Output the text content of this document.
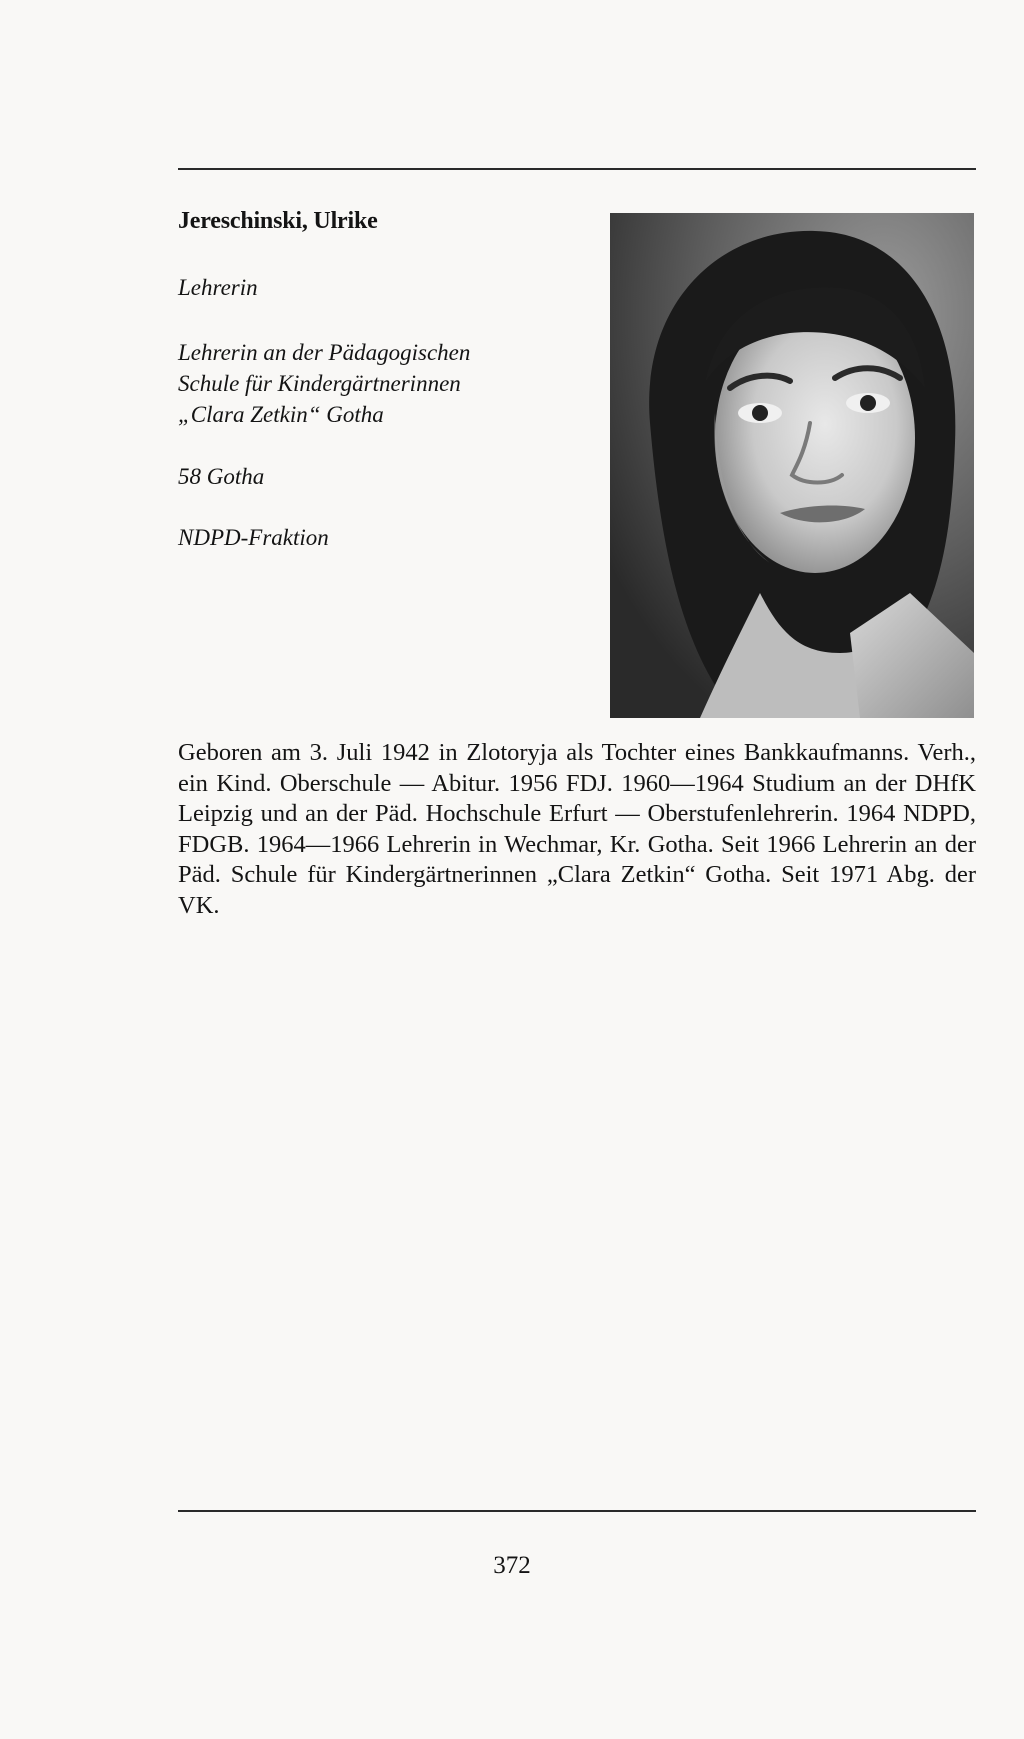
Jereschinski, Ulrike
Lehrerin
Lehrerin an der Pädagogischen
Schule für Kindergärtnerinnen
„Clara Zetkin“ Gotha
58 Gotha
NDPD-Fraktion
Geboren am 3. Juli 1942 in Zlotoryja als Tochter eines Bankkaufmanns. Verh., ein Kind. Oberschule — Abitur. 1956 FDJ. 1960—1964 Studium an der DHfK Leipzig und an der Päd. Hochschule Erfurt — Oberstufenlehrerin. 1964 NDPD, FDGB. 1964—1966 Lehrerin in Wechmar, Kr. Gotha. Seit 1966 Lehrerin an der Päd. Schule für Kindergärtnerinnen „Clara Zetkin“ Gotha. Seit 1971 Abg. der VK.
372
